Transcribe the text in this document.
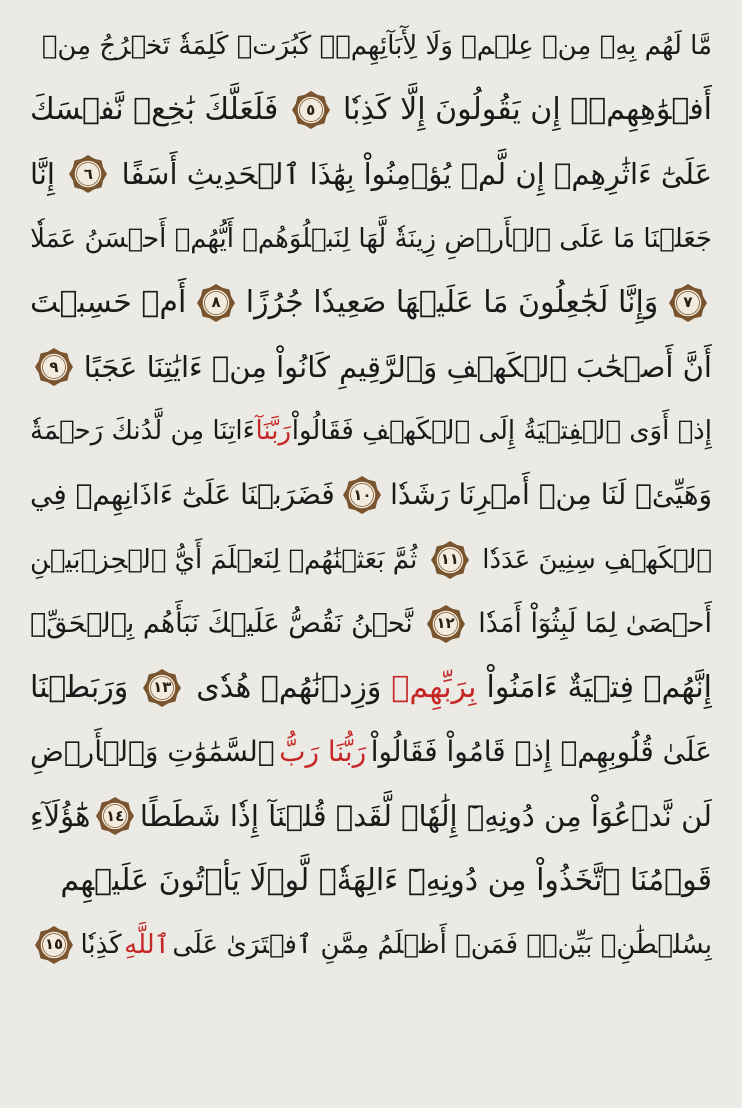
مَّا لَهُم بِهِۦ مِنۡ عِلۡمٖ وَلَا لِأٓبَآئِهِمۡۚ كَبُرَتۡ كَلِمَةٗ تَخۡرُجُ مِنۡ
أَفۡوَٰهِهِمۡۚ إِن يَقُولُونَ إِلَّا كَذِبٗا
٥
فَلَعَلَّكَ بَٰخِعٞ نَّفۡسَكَ
عَلَىٰٓ ءَاثَٰرِهِمۡ إِن لَّمۡ يُؤۡمِنُواْ بِهَٰذَا ٱلۡحَدِيثِ أَسَفًا
٦
إِنَّا
جَعَلۡنَا مَا عَلَى ٱلۡأَرۡضِ زِينَةٗ لَّهَا لِنَبۡلُوَهُمۡ أَيُّهُمۡ أَحۡسَنُ عَمَلٗا
٧
وَإِنَّا لَجَٰعِلُونَ مَا عَلَيۡهَا صَعِيدٗا جُرُزًا
٨
أَمۡ حَسِبۡتَ
أَنَّ أَصۡحَٰبَ ٱلۡكَهۡفِ وَٱلرَّقِيمِ كَانُواْ مِنۡ ءَايَٰتِنَا عَجَبًا
٩
إِذۡ أَوَى ٱلۡفِتۡيَةُ إِلَى ٱلۡكَهۡفِ فَقَالُواْ
رَبَّنَآ
ءَاتِنَا مِن لَّدُنكَ رَحۡمَةٗ
وَهَيِّئۡ لَنَا مِنۡ أَمۡرِنَا رَشَدٗا
١٠
فَضَرَبۡنَا عَلَىٰٓ ءَاذَانِهِمۡ فِي
ٱلۡكَهۡفِ سِنِينَ عَدَدٗا
١١
ثُمَّ بَعَثۡنَٰهُمۡ لِنَعۡلَمَ أَيُّ ٱلۡحِزۡبَيۡنِ
أَحۡصَىٰ لِمَا لَبِثُوٓاْ أَمَدٗا
١٢
نَّحۡنُ نَقُصُّ عَلَيۡكَ نَبَأَهُم بِٱلۡحَقِّۚ
إِنَّهُمۡ فِتۡيَةٌ ءَامَنُواْ
بِرَبِّهِمۡ
وَزِدۡنَٰهُمۡ هُدٗى
١٣
وَرَبَطۡنَا
عَلَىٰ قُلُوبِهِمۡ إِذۡ قَامُواْ فَقَالُواْ
رَبُّنَا رَبُّ
ٱلسَّمَٰوَٰتِ وَٱلۡأَرۡضِ
لَن نَّدۡعُوَاْ مِن دُونِهِۦٓ إِلَٰهٗاۖ لَّقَدۡ قُلۡنَآ إِذٗا شَطَطًا
١٤
هَٰٓؤُلَآءِ
قَوۡمُنَا ٱتَّخَذُواْ مِن دُونِهِۦٓ ءَالِهَةٗۖ لَّوۡلَا يَأۡتُونَ عَلَيۡهِم
بِسُلۡطَٰنِۭ بَيِّنٖۖ فَمَنۡ أَظۡلَمُ مِمَّنِ ٱفۡتَرَىٰ عَلَى
ٱللَّهِ
كَذِبٗا
١٥
